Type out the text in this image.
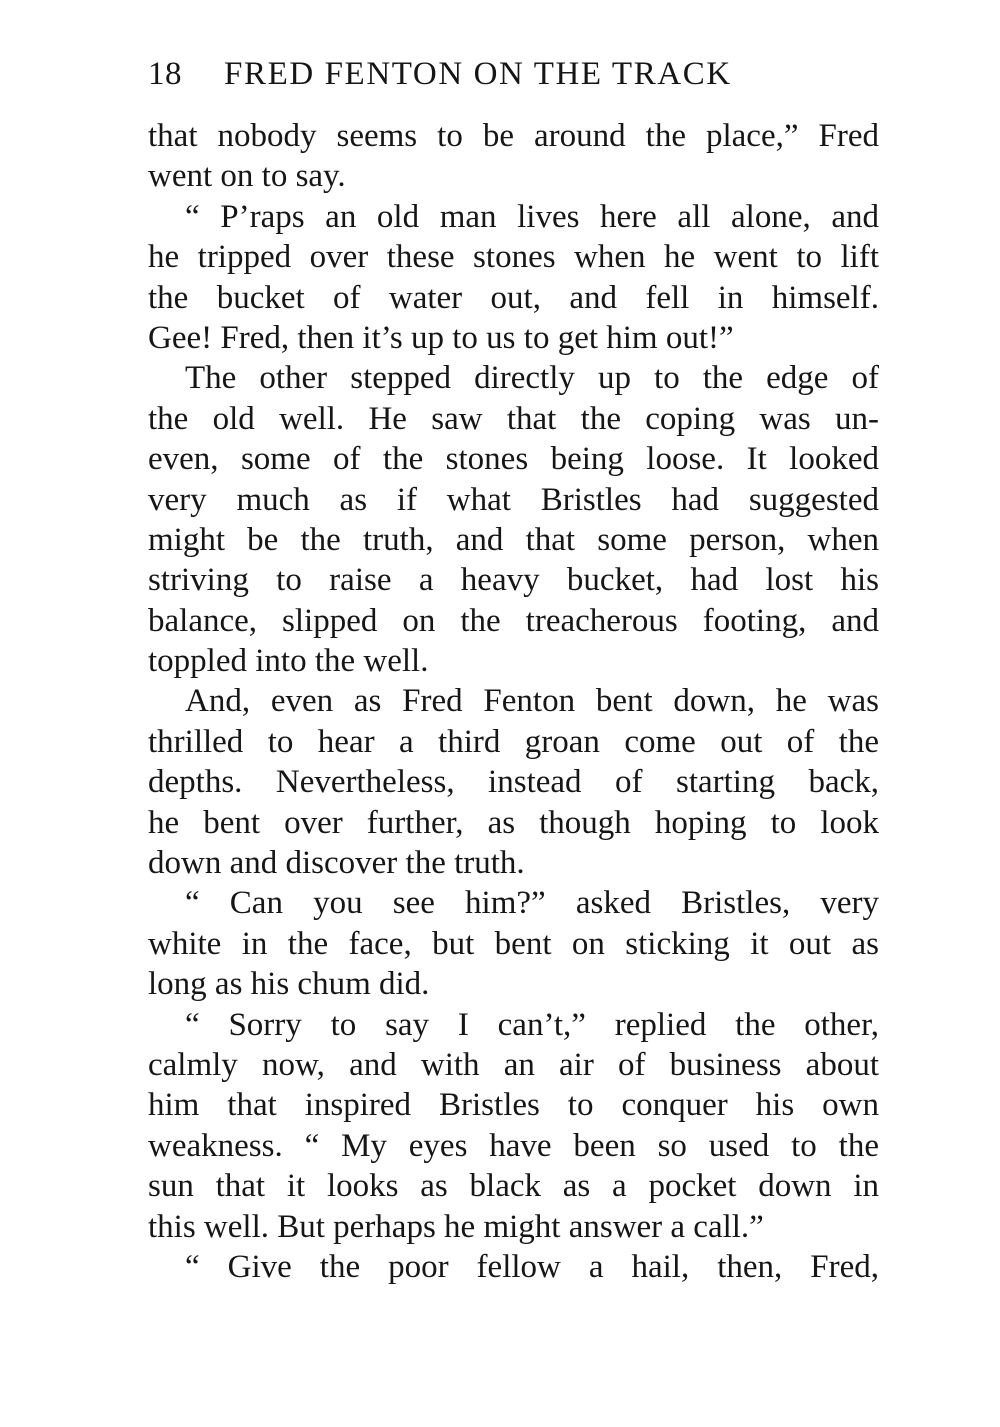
18 FRED FENTON ON THE TRACK
that nobody seems to be around the place,” Fred
went on to say.
“ P’raps an old man lives here all alone, and
he tripped over these stones when he went to lift
the bucket of water out, and fell in himself.
Gee! Fred, then it’s up to us to get him out!”
The other stepped directly up to the edge of
the old well. He saw that the coping was un-
even, some of the stones being loose. It looked
very much as if what Bristles had suggested
might be the truth, and that some person, when
striving to raise a heavy bucket, had lost his
balance, slipped on the treacherous footing, and
toppled into the well.
And, even as Fred Fenton bent down, he was
thrilled to hear a third groan come out of the
depths. Nevertheless, instead of starting back,
he bent over further, as though hoping to look
down and discover the truth.
“ Can you see him?” asked Bristles, very
white in the face, but bent on sticking it out as
long as his chum did.
“ Sorry to say I can’t,” replied the other,
calmly now, and with an air of business about
him that inspired Bristles to conquer his own
weakness. “ My eyes have been so used to the
sun that it looks as black as a pocket down in
this well. But perhaps he might answer a call.”
“ Give the poor fellow a hail, then, Fred,
